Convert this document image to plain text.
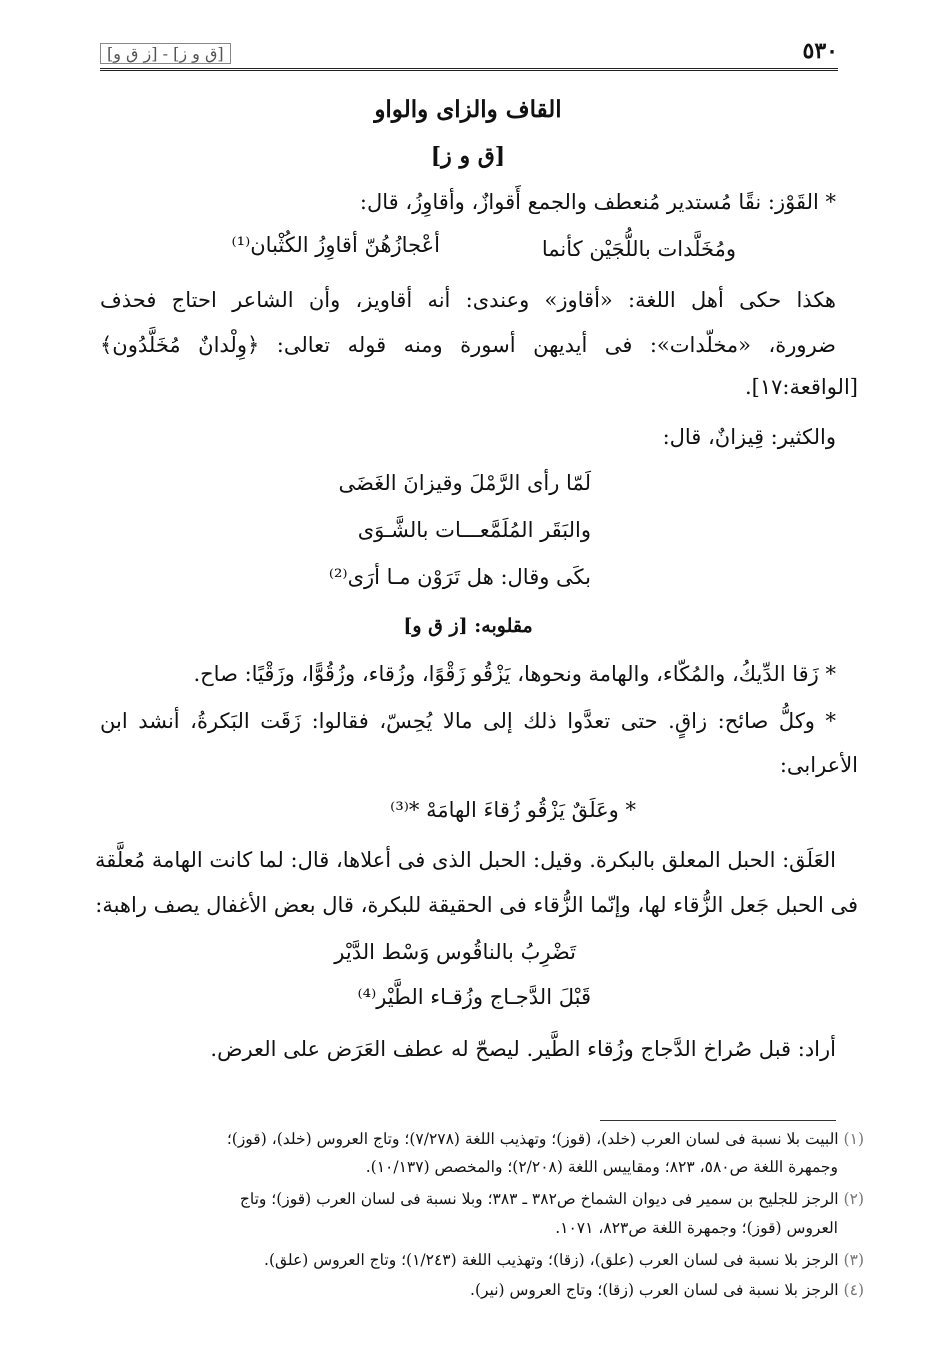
٥٣٠
[ق و ز] - [ز ق و]
القاف والزاى والواو
[ق و ز]
* القَوْز: نقًا مُستدير مُنعطف والجمع أَقوازٌ، وأقاوِزُ، قال:
أعْجازُهُنّ أقاوِزُ الكُثْبان⁽¹⁾	ومُخَلَّدات باللُّجَيْن كأنما
هكذا حكى أهل اللغة: «أقاوز» وعندى: أنه أقاويز، وأن الشاعر احتاج فحذف
ضرورة، «مخلّدات»: فى أيديهن أسورة ومنه قوله تعالى: ﴿وِلْدانٌ مُخَلَّدُون﴾
[الواقعة:١٧].
والكثير: قِيزانٌ، قال:
لَمّا رأى الرَّمْلَ وقيزانَ الغَضَى
والبَقَر المُلَمَّعـــات بالشَّـوَى
بكَى وقال: هل تَرَوْن مـا أرَى⁽²⁾
مقلوبه: [ز ق و]
* زَقا الدِّيكُ، والمُكّاء، والهامة ونحوها، يَزْقُو زَقْوًا، وزُقاء، وزُقُوًّا، وزَقْيًا: صاح.
* وكلُّ صائح: زاقٍ. حتى تعدَّوا ذلك إلى مالا يُحِسّ، فقالوا: زَقَت البَكرةُ، أنشد ابن
الأعرابى:
* وعَلَقٌ يَزْقُو زُقاءَ الهامَهْ *⁽³⁾
العَلَق: الحبل المعلق بالبكرة. وقيل: الحبل الذى فى أعلاها، قال: لما كانت الهامة مُعلَّقة
فى الحبل جَعل الزُّقاء لها، وإنّما الزُّقاء فى الحقيقة للبكرة، قال بعض الأغفال يصف راهبة:
تَضْرِبُ بالناقُوس وَسْط الدَّيْر
قَبْلَ الدَّجـاج وزُقـاء الطَّيْر⁽⁴⁾
أراد: قبل صُراخ الدَّجاج وزُقاء الطَّير. ليصحّ له عطف العَرَض على العرض.
(١) البيت بلا نسبة فى لسان العرب (خلد)، (قوز)؛ وتهذيب اللغة (٧/٢٧٨)؛ وتاج العروس (خلد)، (قوز)؛
وجمهرة اللغة ص٥٨٠، ٨٢٣؛ ومقاييس اللغة (٢/٢٠٨)؛ والمخصص (١٠/١٣٧).
(٢) الرجز للجليح بن سمير فى ديوان الشماخ ص٣٨٢ ـ ٣٨٣؛ وبلا نسبة فى لسان العرب (قوز)؛ وتاج
العروس (قوز)؛ وجمهرة اللغة ص٨٢٣، ١٠٧١.
(٣) الرجز بلا نسبة فى لسان العرب (علق)، (زقا)؛ وتهذيب اللغة (١/٢٤٣)؛ وتاج العروس (علق).
(٤) الرجز بلا نسبة فى لسان العرب (زقا)؛ وتاج العروس (نير).
